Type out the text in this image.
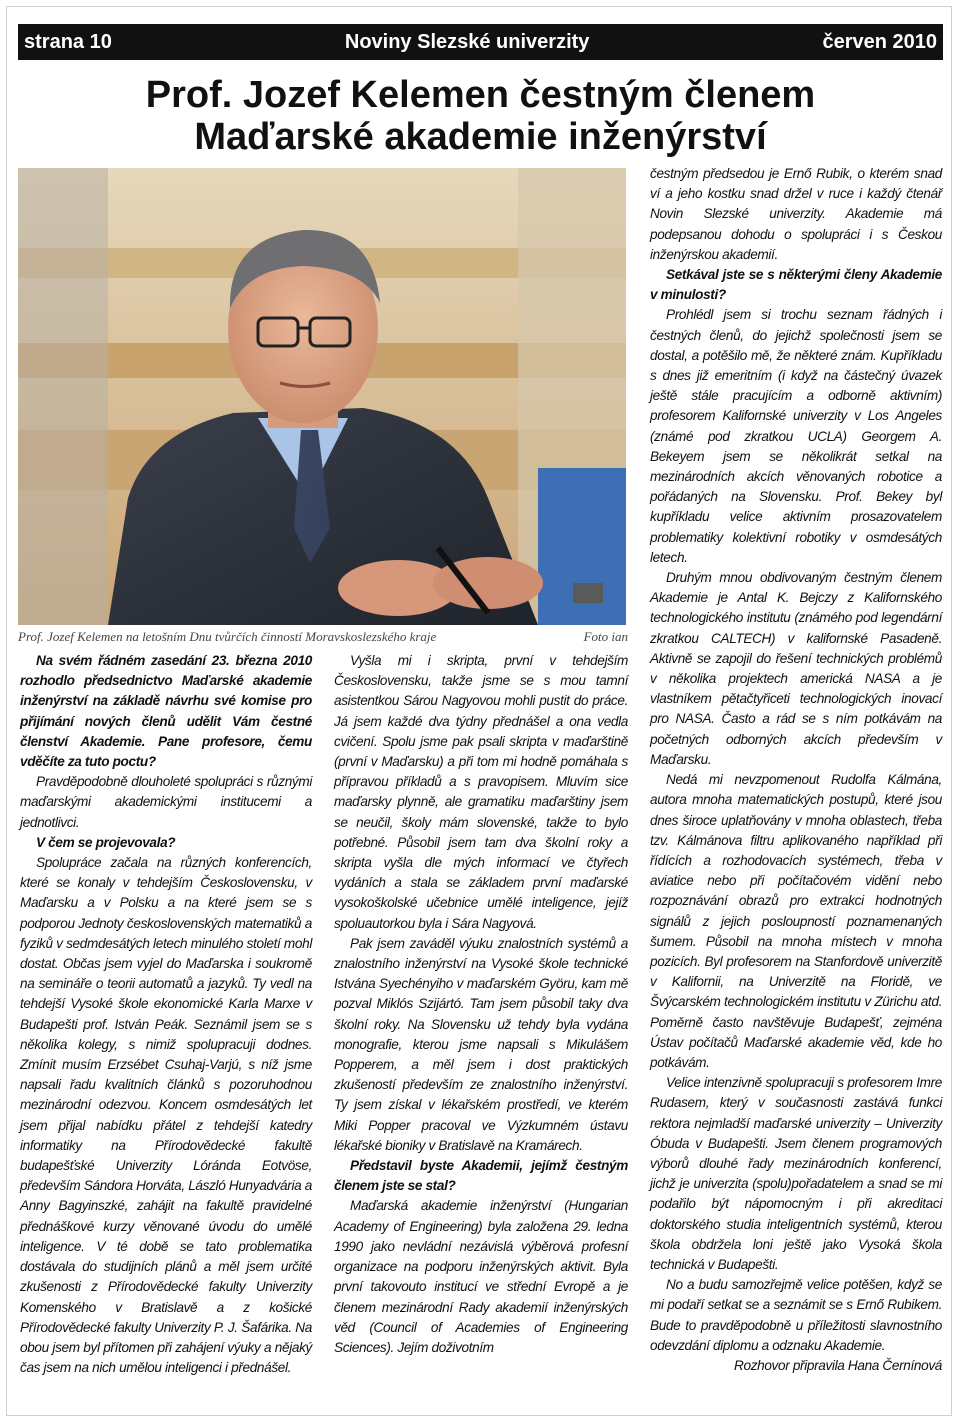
strana 10	Noviny Slezské univerzity	červen 2010
Prof. Jozef Kelemen čestným členem
Maďarské akademie inženýrství
Prof. Jozef Kelemen na letošním Dnu tvůrčích činností Moravskoslezského kraje	Foto ian

Na svém řádném zasedání 23. března 2010 rozhodlo předsednictvo Maďarské akademie inženýrství na základě návrhu své komise pro přijímání nových členů udělit Vám čestné členství Akademie. Pane profesore, čemu vděčíte za tuto poctu?

Pravděpodobně dlouholeté spolupráci s různými maďarskými akademickými institucemi a jednotlivci.

V čem se projevovala?

Spolupráce začala na různých konferencích, které se konaly v tehdejším Československu, v Maďarsku a v Polsku a na které jsem se s podporou Jednoty československých matematiků a fyziků v sedmdesátých letech minulého století mohl dostat. Občas jsem vyjel do Maďarska i soukromě na semináře o teorii automatů a jazyků. Ty vedl na tehdejší Vysoké škole ekonomické Karla Marxe v Budapešti prof. István Peák. Seznámil jsem se s několika kolegy, s nimiž spolupracuji dodnes. Zmínit musím Erzsébet Csuhaj-Varjú, s níž jsme napsali řadu kvalitních článků s pozoruhodnou mezinárodní odezvou. Koncem osmdesátých let jsem přijal nabídku přátel z tehdejší katedry informatiky na Přírodovědecké fakultě budapešťské Univerzity Lóránda Eotvöse, především Sándora Horváta, László Hunyadvária a Anny Bagyinszké, zahájit na fakultě pravidelné přednáškové kurzy věnované úvodu do umělé inteligence. V té době se tato problematika dostávala do studijních plánů a měl jsem určité zkušenosti z Přírodovědecké fakulty Univerzity Komenského v Bratislavě a z košické Přírodovědecké fakulty Univerzity P. J. Šafárika. Na obou jsem byl přítomen při zahájení výuky a nějaký čas jsem na nich umělou inteligenci i přednášel.

Vyšla mi i skripta, první v tehdejším Československu, takže jsme se s mou tamní asistentkou Sárou Nagyovou mohli pustit do práce. Já jsem každé dva týdny přednášel a ona vedla cvičení. Spolu jsme pak psali skripta v maďarštině (první v Maďarsku) a při tom mi hodně pomáhala s přípravou příkladů a s pravopisem. Mluvím sice maďarsky plynně, ale gramatiku maďarštiny jsem se neučil, školy mám slovenské, takže to bylo potřebné. Působil jsem tam dva školní roky a skripta vyšla dle mých informací ve čtyřech vydáních a stala se základem první maďarské vysokoškolské učebnice umělé inteligence, jejíž spoluautorkou byla i Sára Nagyová.

Pak jsem zaváděl výuku znalostních systémů a znalostního inženýrství na Vysoké škole technické Istvána Syechényiho v maďarském Györu, kam mě pozval Miklós Szijártó. Tam jsem působil taky dva školní roky. Na Slovensku už tehdy byla vydána monografie, kterou jsme napsali s Mikulášem Popperem, a měl jsem i dost praktických zkušeností především ze znalostního inženýrství. Ty jsem získal v lékařském prostředí, ve kterém Miki Popper pracoval ve Výzkumném ústavu lékařské bioniky v Bratislavě na Kramárech.

Představil byste Akademii, jejímž čestným členem jste se stal?

Maďarská akademie inženýrství (Hungarian Academy of Engineering) byla založena 29. ledna 1990 jako nevládní nezávislá výběrová profesní organizace na podporu inženýrských aktivit. Byla první takovouto institucí ve střední Evropě a je členem mezinárodní Rady akademií inženýrských věd (Council of Academies of Engineering Sciences). Jejím doživotním

čestným předsedou je Ernő Rubik, o kterém snad ví a jeho kostku snad držel v ruce i každý čtenář Novin Slezské univerzity. Akademie má podepsanou dohodu o spolupráci i s Českou inženýrskou akademií.

Setkával jste se s některými členy Akademie v minulosti?

Prohlédl jsem si trochu seznam řádných i čestných členů, do jejichž společnosti jsem se dostal, a potěšilo mě, že některé znám. Kupříkladu s dnes již emeritním (i když na částečný úvazek ještě stále pracujícím a odborně aktivním) profesorem Kalifornské univerzity v Los Angeles (známé pod zkratkou UCLA) Georgem A. Bekeyem jsem se několikrát setkal na mezinárodních akcích věnovaných robotice a pořádaných na Slovensku. Prof. Bekey byl kupříkladu velice aktivním prosazovatelem problematiky kolektivní robotiky v osmdesátých letech.

Druhým mnou obdivovaným čestným členem Akademie je Antal K. Bejczy z Kalifornského technologického institutu (známého pod legendární zkratkou CALTECH) v kalifornské Pasadeně. Aktivně se zapojil do řešení technických problémů v několika projektech americká NASA a je vlastníkem pětačtyřiceti technologických inovací pro NASA. Často a rád se s ním potkávám na početných odborných akcích především v Maďarsku.

Nedá mi nevzpomenout Rudolfa Kálmána, autora mnoha matematických postupů, které jsou dnes široce uplatňovány v mnoha oblastech, třeba tzv. Kálmánova filtru aplikovaného například při řídících a rozhodovacích systémech, třeba v aviatice nebo při počítačovém vidění nebo rozpoznávání obrazů pro extrakci hodnotných signálů z jejich posloupností poznamenaných šumem. Působil na mnoha místech v mnoha pozicích. Byl profesorem na Stanfordově univerzitě v Kalifornii, na Univerzitě na Floridě, ve Švýcarském technologickém institutu v Zürichu atd. Poměrně často navštěvuje Budapešť, zejména Ústav počítačů Maďarské akademie věd, kde ho potkávám.

Velice intenzivně spolupracuji s profesorem Imre Rudasem, který v současnosti zastává funkci rektora nejmladší maďarské univerzity – Univerzity Óbuda v Budapešti. Jsem členem programových výborů dlouhé řady mezinárodních konferencí, jichž je univerzita (spolu)pořadatelem a snad se mi podařilo být nápomocným i při akreditaci doktorského studia inteligentních systémů, kterou škola obdržela loni ještě jako Vysoká škola technická v Budapešti.

No a budu samozřejmě velice potěšen, když se mi podaří setkat se a seznámit se s Ernő Rubikem. Bude to pravděpodobně u příležitosti slavnostního odevzdání diplomu a odznaku Akademie.

Rozhovor připravila Hana Černínová
